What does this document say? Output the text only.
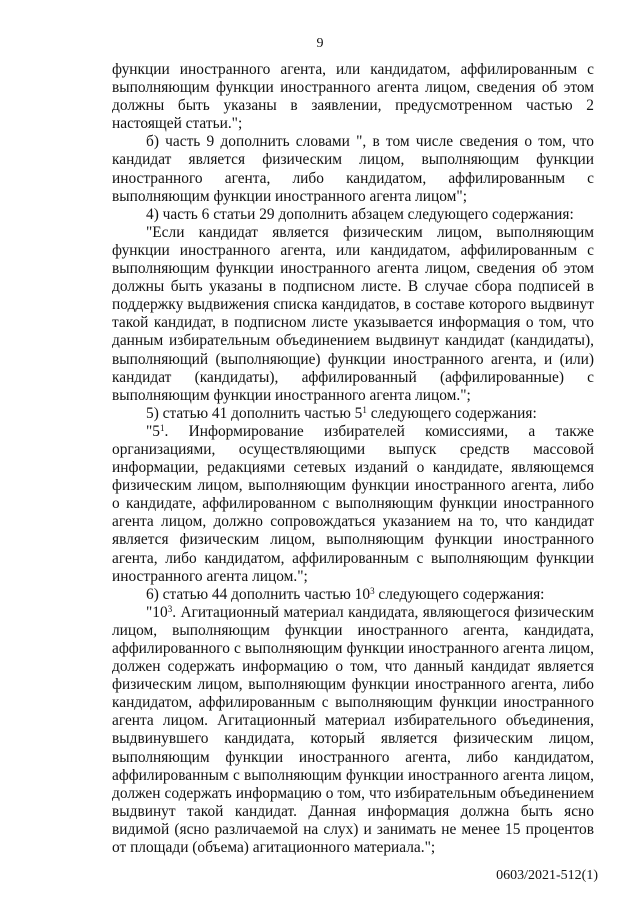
9

функции иностранного агента, или кандидатом, аффилированным с выполняющим функции иностранного агента лицом, сведения об этом должны быть указаны в заявлении, предусмотренном частью 2 настоящей статьи.";

б) часть 9 дополнить словами ", в том числе сведения о том, что кандидат является физическим лицом, выполняющим функции иностранного агента, либо кандидатом, аффилированным с выполняющим функции иностранного агента лицом";

4) часть 6 статьи 29 дополнить абзацем следующего содержания:

"Если кандидат является физическим лицом, выполняющим функции иностранного агента, или кандидатом, аффилированным с выполняющим функции иностранного агента лицом, сведения об этом должны быть указаны в подписном листе. В случае сбора подписей в поддержку выдвижения списка кандидатов, в составе которого выдвинут такой кандидат, в подписном листе указывается информация о том, что данным избирательным объединением выдвинут кандидат (кандидаты), выполняющий (выполняющие) функции иностранного агента, и (или) кандидат (кандидаты), аффилированный (аффилированные) с выполняющим функции иностранного агента лицом.";

5) статью 41 дополнить частью $5^1$ следующего содержания:

"$5^1$. Информирование избирателей комиссиями, а также организациями, осуществляющими выпуск средств массовой информации, редакциями сетевых изданий о кандидате, являющемся физическим лицом, выполняющим функции иностранного агента, либо о кандидате, аффилированном с выполняющим функции иностранного агента лицом, должно сопровождаться указанием на то, что кандидат является физическим лицом, выполняющим функции иностранного агента, либо кандидатом, аффилированным с выполняющим функции иностранного агента лицом.";

6) статью 44 дополнить частью $10^3$ следующего содержания:

"$10^3$. Агитационный материал кандидата, являющегося физическим лицом, выполняющим функции иностранного агента, кандидата, аффилированного с выполняющим функции иностранного агента лицом, должен содержать информацию о том, что данный кандидат является физическим лицом, выполняющим функции иностранного агента, либо кандидатом, аффилированным с выполняющим функции иностранного агента лицом. Агитационный материал избирательного объединения, выдвинувшего кандидата, который является физическим лицом, выполняющим функции иностранного агента, либо кандидатом, аффилированным с выполняющим функции иностранного агента лицом, должен содержать информацию о том, что избирательным объединением выдвинут такой кандидат. Данная информация должна быть ясно видимой (ясно различаемой на слух) и занимать не менее 15 процентов от площади (объема) агитационного материала.";

0603/2021-512(1)
